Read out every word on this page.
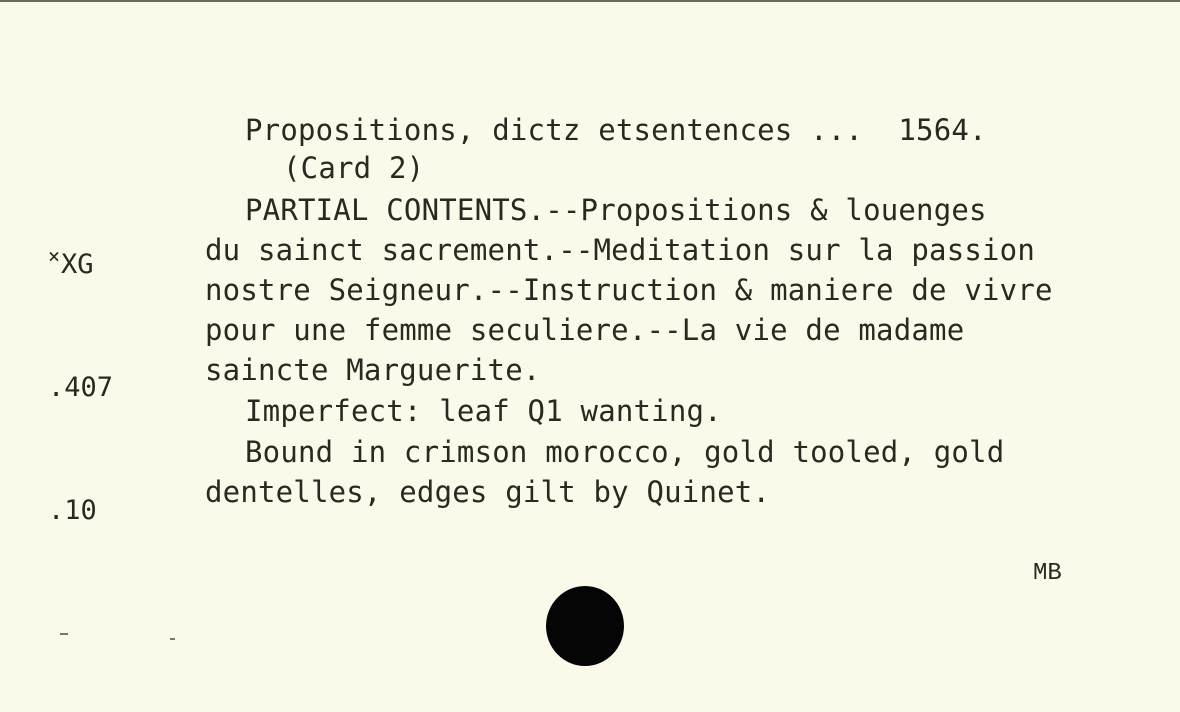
×XG

.407

.10

Propositions, dictz etsentences ...  1564.
(Card 2)
PARTIAL CONTENTS.--Propositions & louenges
du sainct sacrement.--Meditation sur la passion
nostre Seigneur.--Instruction & maniere de vivre
pour une femme seculiere.--La vie de madame
saincte Marguerite.
Imperfect: leaf Q1 wanting.
Bound in crimson morocco, gold tooled, gold
dentelles, edges gilt by Quinet.
MB
